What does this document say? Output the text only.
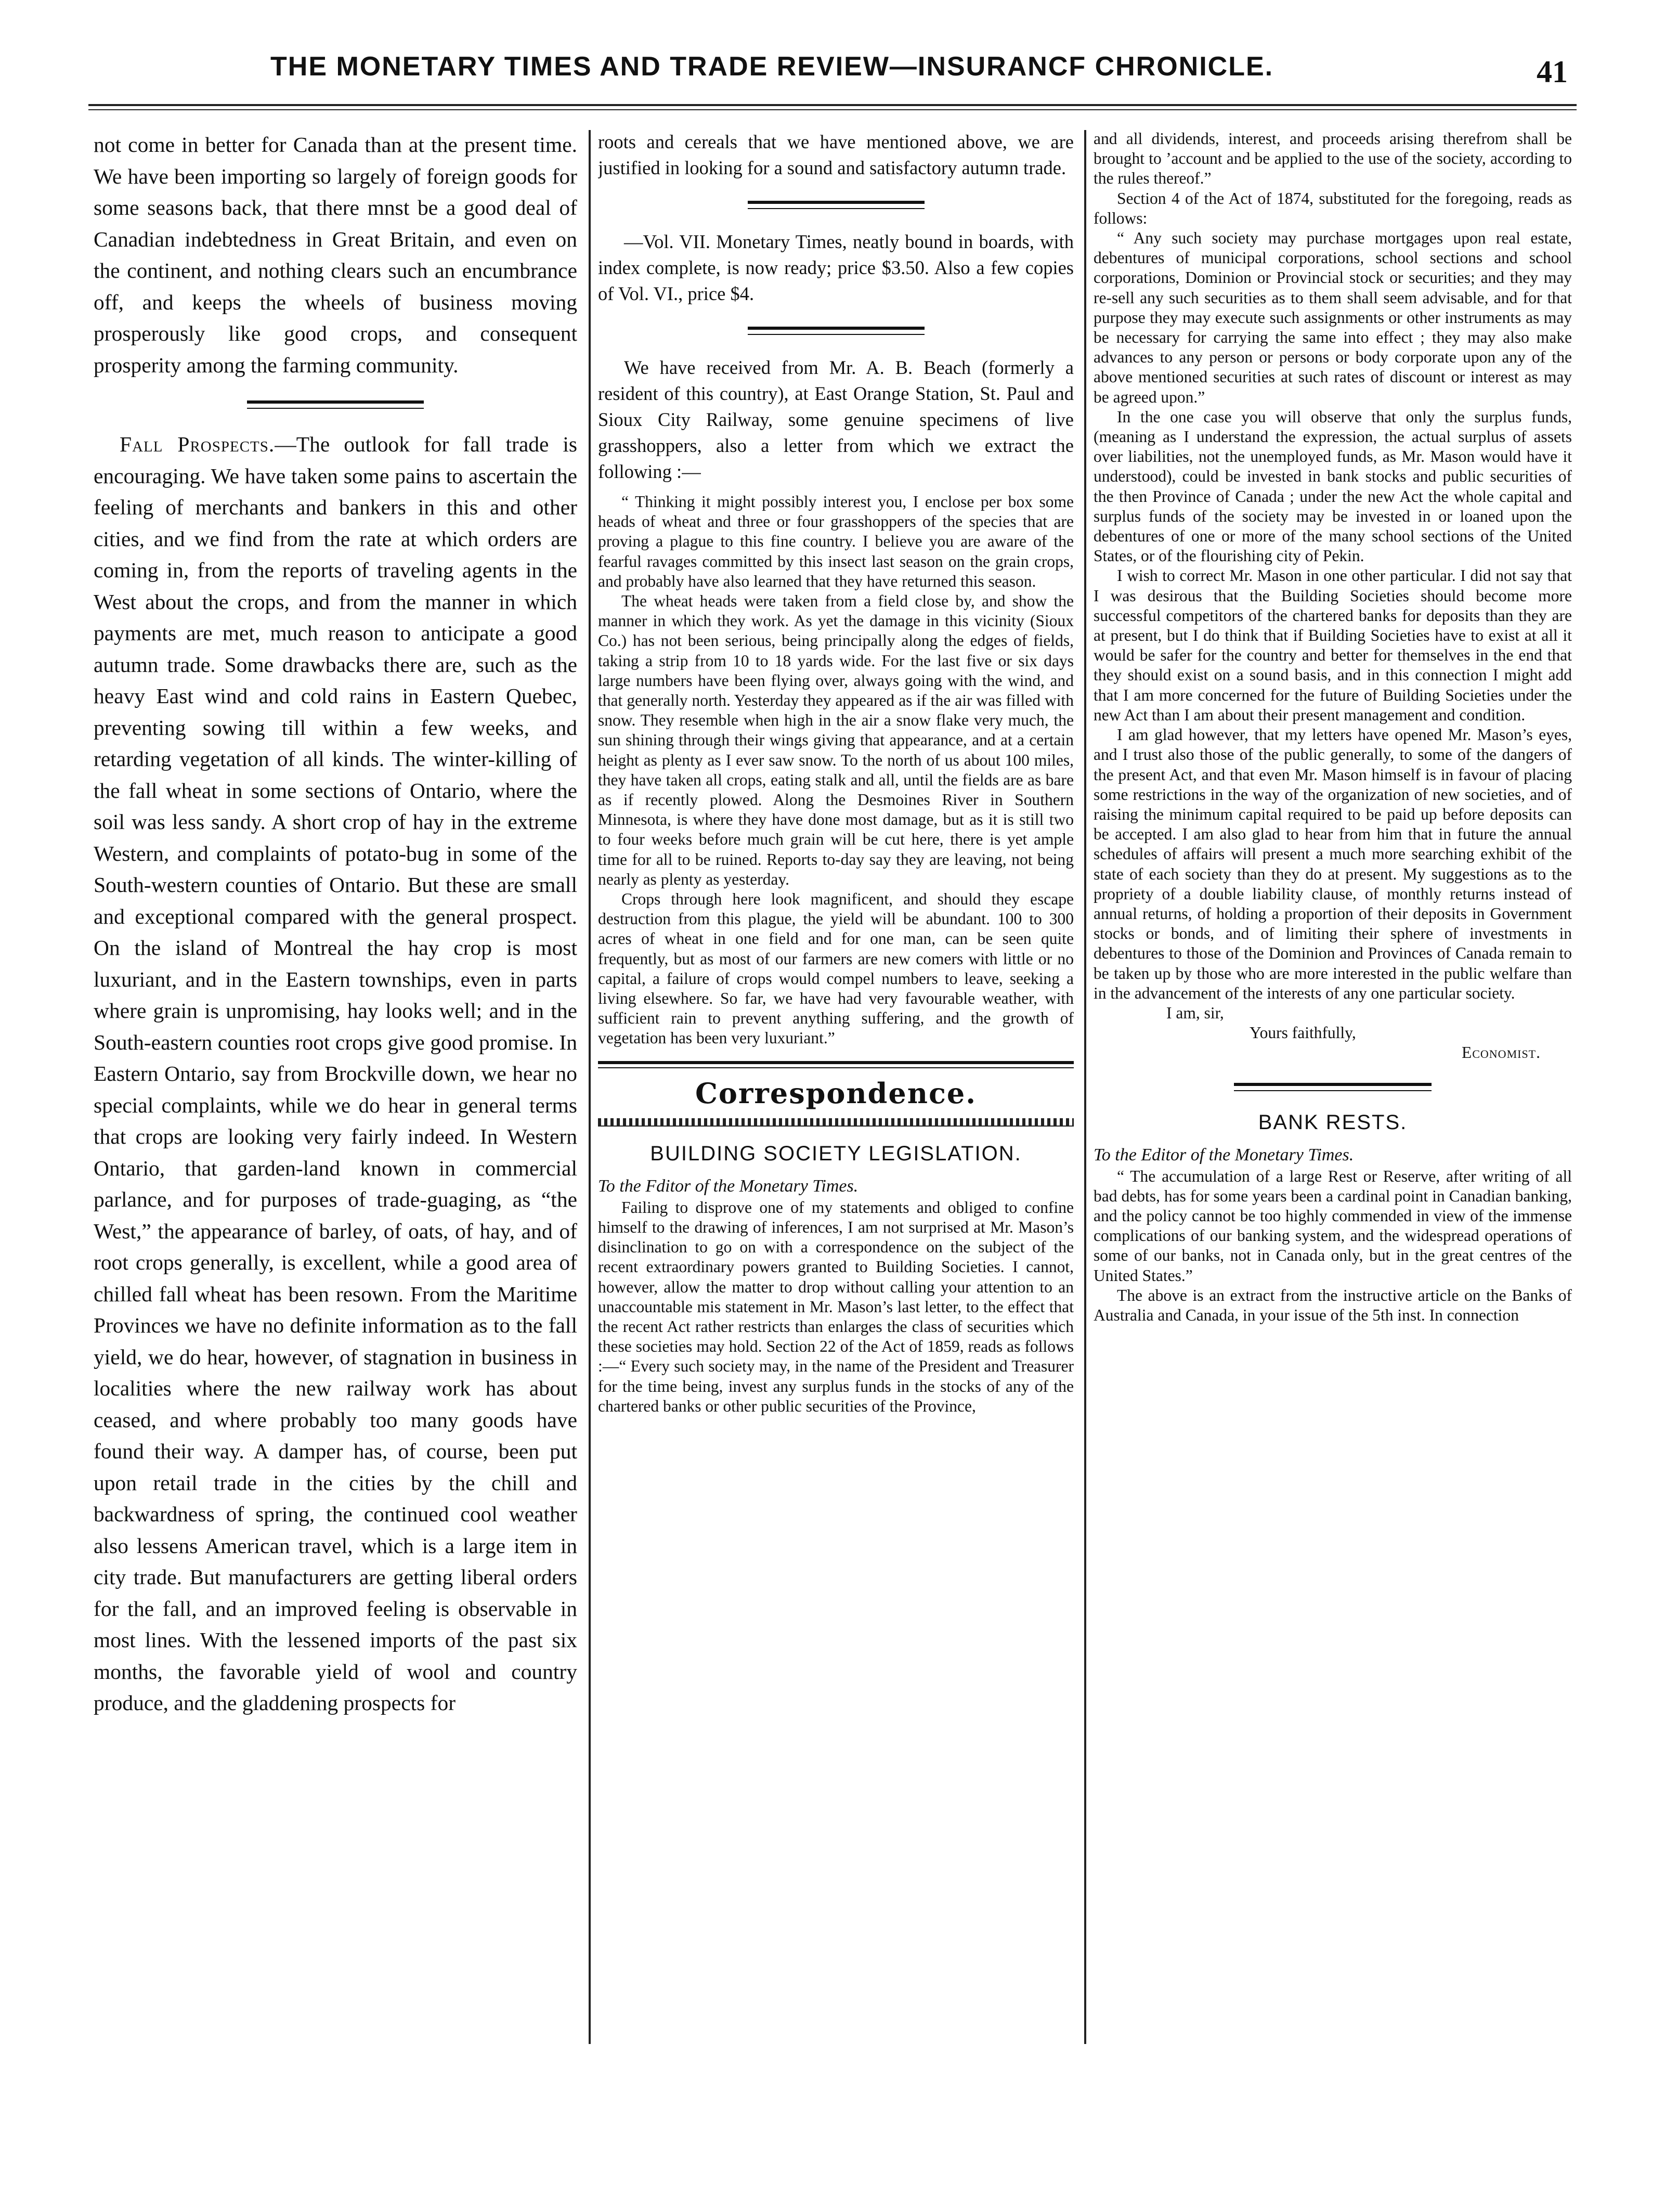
THE MONETARY TIMES AND TRADE REVIEW—INSURANCF CHRONICLE.	41

not come in better for Canada than at the present time. We have been importing so largely of foreign goods for some seasons back, that there mnst be a good deal of Canadian indebtedness in Great Britain, and even on the continent, and nothing clears such an encumbrance off, and keeps the wheels of business moving prosperously like good crops, and consequent prosperity among the farming community.

Fall Prospects.—The outlook for fall trade is encouraging. We have taken some pains to ascertain the feeling of merchants and bankers in this and other cities, and we find from the rate at which orders are coming in, from the reports of traveling agents in the West about the crops, and from the manner in which payments are met, much reason to anticipate a good autumn trade. Some drawbacks there are, such as the heavy East wind and cold rains in Eastern Quebec, preventing sowing till within a few weeks, and retarding vegetation of all kinds. The winter-killing of the fall wheat in some sections of Ontario, where the soil was less sandy. A short crop of hay in the extreme Western, and complaints of potato-bug in some of the South-western counties of Ontario. But these are small and exceptional compared with the general prospect. On the island of Montreal the hay crop is most luxuriant, and in the Eastern townships, even in parts where grain is unpromising, hay looks well; and in the South-eastern counties root crops give good promise. In Eastern Ontario, say from Brockville down, we hear no special complaints, while we do hear in general terms that crops are looking very fairly indeed. In Western Ontario, that garden-land known in commercial parlance, and for purposes of trade-guaging, as “the West,” the appearance of barley, of oats, of hay, and of root crops generally, is excellent, while a good area of chilled fall wheat has been resown. From the Maritime Provinces we have no definite information as to the fall yield, we do hear, however, of stagnation in business in localities where the new railway work has about ceased, and where probably too many goods have found their way. A damper has, of course, been put upon retail trade in the cities by the chill and backwardness of spring, the continued cool weather also lessens American travel, which is a large item in city trade. But manufacturers are getting liberal orders for the fall, and an improved feeling is observable in most lines. With the lessened imports of the past six months, the favorable yield of wool and country produce, and the gladdening prospects for

roots and cereals that we have mentioned above, we are justified in looking for a sound and satisfactory autumn trade.

—Vol. VII. Monetary Times, neatly bound in boards, with index complete, is now ready; price $3.50. Also a few copies of Vol. VI., price $4.

We have received from Mr. A. B. Beach (formerly a resident of this country), at East Orange Station, St. Paul and Sioux City Railway, some genuine specimens of live grasshoppers, also a letter from which we extract the following :—

“ Thinking it might possibly interest you, I enclose per box some heads of wheat and three or four grasshoppers of the species that are proving a plague to this fine country. I believe you are aware of the fearful ravages committed by this insect last season on the grain crops, and probably have also learned that they have returned this season.

The wheat heads were taken from a field close by, and show the manner in which they work. As yet the damage in this vicinity (Sioux Co.) has not been serious, being principally along the edges of fields, taking a strip from 10 to 18 yards wide. For the last five or six days large numbers have been flying over, always going with the wind, and that generally north. Yesterday they appeared as if the air was filled with snow. They resemble when high in the air a snow flake very much, the sun shining through their wings giving that appearance, and at a certain height as plenty as I ever saw snow. To the north of us about 100 miles, they have taken all crops, eating stalk and all, until the fields are as bare as if recently plowed. Along the Desmoines River in Southern Minnesota, is where they have done most damage, but as it is still two to four weeks before much grain will be cut here, there is yet ample time for all to be ruined. Reports to-day say they are leaving, not being nearly as plenty as yesterday.

Crops through here look magnificent, and should they escape destruction from this plague, the yield will be abundant. 100 to 300 acres of wheat in one field and for one man, can be seen quite frequently, but as most of our farmers are new comers with little or no capital, a failure of crops would compel numbers to leave, seeking a living elsewhere. So far, we have had very favourable weather, with sufficient rain to prevent anything suffering, and the growth of vegetation has been very luxuriant.”

Correspondence.
BUILDING SOCIETY LEGISLATION.

To the Fditor of the Monetary Times.

Failing to disprove one of my statements and obliged to confine himself to the drawing of inferences, I am not surprised at Mr. Mason’s disinclination to go on with a correspondence on the subject of the recent extraordinary powers granted to Building Societies. I cannot, however, allow the matter to drop without calling your attention to an unaccountable mis statement in Mr. Mason’s last letter, to the effect that the recent Act rather restricts than enlarges the class of securities which these societies may hold. Section 22 of the Act of 1859, reads as follows :—“ Every such society may, in the name of the President and Treasurer for the time being, invest any surplus funds in the stocks of any of the chartered banks or other public securities of the Province,

and all dividends, interest, and proceeds arising therefrom shall be brought to ’account and be applied to the use of the society, according to the rules thereof.”

Section 4 of the Act of 1874, substituted for the foregoing, reads as follows:

“ Any such society may purchase mortgages upon real estate, debentures of municipal corporations, school sections and school corporations, Dominion or Provincial stock or securities; and they may re-sell any such securities as to them shall seem advisable, and for that purpose they may execute such assignments or other instruments as may be necessary for carrying the same into effect ; they may also make advances to any person or persons or body corporate upon any of the above mentioned securities at such rates of discount or interest as may be agreed upon.”

In the one case you will observe that only the surplus funds, (meaning as I understand the expression, the actual surplus of assets over liabilities, not the unemployed funds, as Mr. Mason would have it understood), could be invested in bank stocks and public securities of the then Province of Canada ; under the new Act the whole capital and surplus funds of the society may be invested in or loaned upon the debentures of one or more of the many school sections of the United States, or of the flourishing city of Pekin.

I wish to correct Mr. Mason in one other particular. I did not say that I was desirous that the Building Societies should become more successful competitors of the chartered banks for deposits than they are at present, but I do think that if Building Societies have to exist at all it would be safer for the country and better for themselves in the end that they should exist on a sound basis, and in this connection I might add that I am more concerned for the future of Building Societies under the new Act than I am about their present management and condition.

I am glad however, that my letters have opened Mr. Mason’s eyes, and I trust also those of the public generally, to some of the dangers of the present Act, and that even Mr. Mason himself is in favour of placing some restrictions in the way of the organization of new societies, and of raising the minimum capital required to be paid up before deposits can be accepted. I am also glad to hear from him that in future the annual schedules of affairs will present a much more searching exhibit of the state of each society than they do at present. My suggestions as to the propriety of a double liability clause, of monthly returns instead of annual returns, of holding a proportion of their deposits in Government stocks or bonds, and of limiting their sphere of investments in debentures to those of the Dominion and Provinces of Canada remain to be taken up by those who are more interested in the public welfare than in the advancement of the interests of any one particular society.

I am, sir,

Yours faithfully,

Economist.

BANK RESTS.

To the Editor of the Monetary Times.

“ The accumulation of a large Rest or Reserve, after writing of all bad debts, has for some years been a cardinal point in Canadian banking, and the policy cannot be too highly commended in view of the immense complications of our banking system, and the widespread operations of some of our banks, not in Canada only, but in the great centres of the United States.”

The above is an extract from the instructive article on the Banks of Australia and Canada, in your issue of the 5th inst. In connection
